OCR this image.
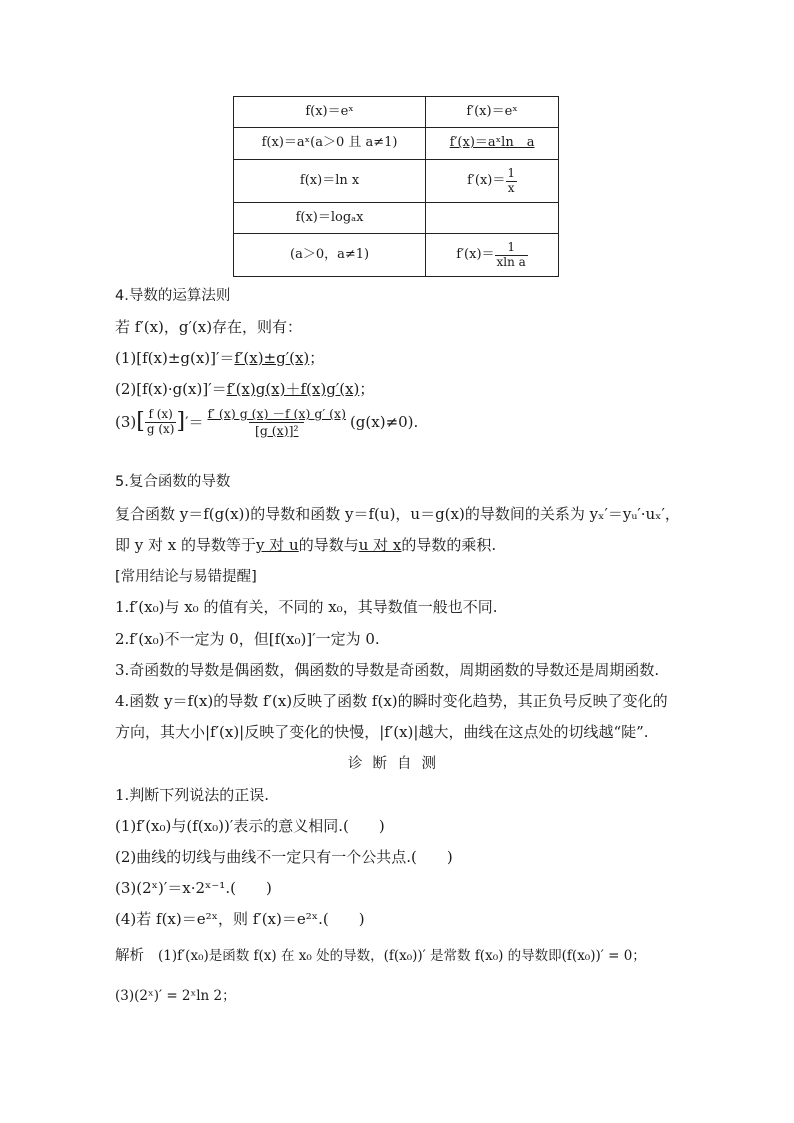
f(x)＝eˣ	f′(x)＝eˣ
f(x)＝aˣ(a＞0 且 a≠1)	f′(x)＝aˣln　a
f(x)＝ln x	$f'(x)= \frac{1}{x}$

f(x)＝logₐx	
(a＞0，a≠1)	$f'(x)= \frac{1}{\text{xln a}}$
4.导数的运算法则
若 f′(x)，g′(x)存在，则有：
(1)[f(x)±g(x)]′＝f′(x)±g′(x)；
(2)[f(x)·g(x)]′＝f′(x)g(x)＋f(x)g′(x)；
$(3)[ \frac{f (x)}{g (x)}$ ]′＝ $\frac{f' (x) g (x) -f (x) g' (x)}{\text{[g (x)]²}} (g(x)\ne 0)$.
5.复合函数的导数
复合函数 y＝f(g(x))的导数和函数 y＝f(u)，u＝g(x)的导数间的关系为 yₓ′＝yᵤ′·uₓ′，
即 y 对 x 的导数等于y 对 u的导数与u 对 x的导数的乘积.
[常用结论与易错提醒]
1.f′(x₀)与 x₀ 的值有关，不同的 x₀，其导数值一般也不同.
2.f′(x₀)不一定为 0，但[f(x₀)]′一定为 0.
3.奇函数的导数是偶函数，偶函数的导数是奇函数，周期函数的导数还是周期函数.
4.函数 y＝f(x)的导数 f′(x)反映了函数 f(x)的瞬时变化趋势，其正负号反映了变化的
方向，其大小|f′(x)|反映了变化的快慢，|f′(x)|越大，曲线在这点处的切线越“陡”.
诊断自测
1.判断下列说法的正误.
(1)f′(x₀)与(f(x₀))′表示的意义相同.(　　)
(2)曲线的切线与曲线不一定只有一个公共点.(　　)
(3)(2ˣ)′＝x·2ˣ⁻¹.(　　)
(4)若 f(x)＝e²ˣ，则 f′(x)＝e²ˣ.(　　)
解析 (1)f′(x₀)是函数 f(x) 在 x₀ 处的导数，(f(x₀))′ 是常数 f(x₀) 的导数即(f(x₀))′ = 0；
(3)(2ˣ)′ = 2ˣln 2；
